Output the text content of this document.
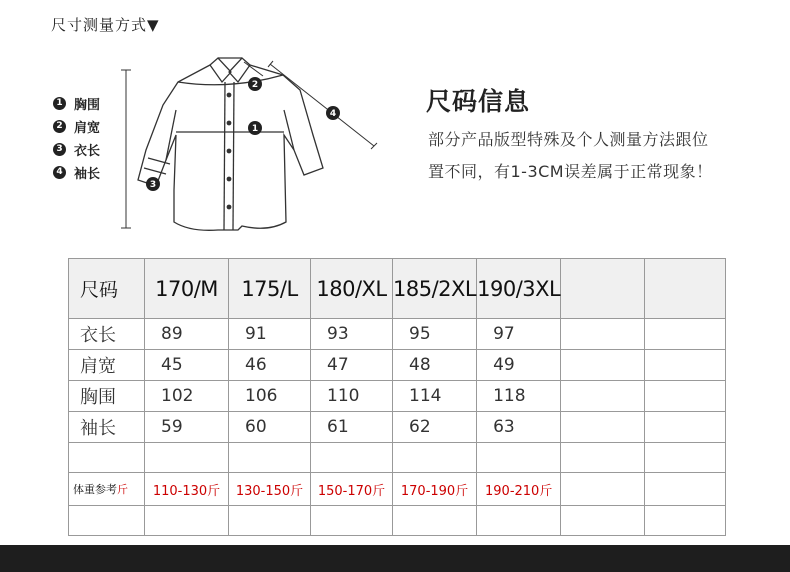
尺寸测量方式▼
1 胸围
2 肩宽
3 衣长
4 袖长
1
2
3
4	尺码信息
部分产品版型特殊及个人测量方法跟位
置不同，有1-3CM误差属于正常现象！
尺码	170/M	175/L	180/XL	185/2XL	190/3XL		
衣长	89	91	93	95	97		
肩宽	45	46	47	48	49		
胸围	102	106	110	114	118		
袖长	59	60	61	62	63		

体重参考斤	110-130斤	130-150斤	150-170斤	170-190斤	190-210斤		
